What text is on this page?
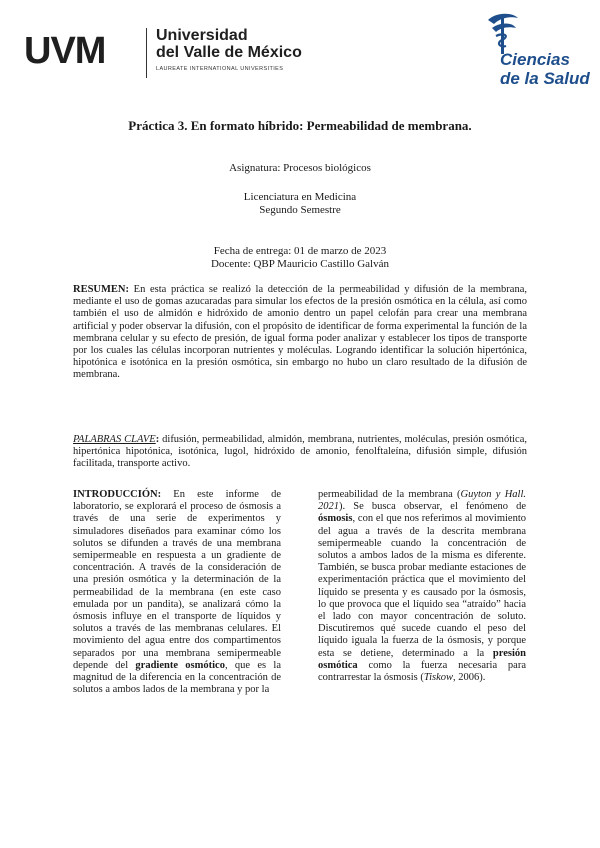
UVM	Universidad
del Valle de México
LAUREATE INTERNATIONAL UNIVERSITIES	Ciencias
de la Salud
Práctica 3. En formato híbrido: Permeabilidad de membrana.
Asignatura: Procesos biológicos
Licenciatura en Medicina
Segundo Semestre
Fecha de entrega: 01 de marzo de 2023
Docente: QBP Mauricio Castillo Galván
RESUMEN: En esta práctica se realizó la detección de la permeabilidad y difusión de la membrana, mediante el uso de gomas azucaradas para simular los efectos de la presión osmótica en la célula, así como también el uso de almidón e hidróxido de amonio dentro un papel celofán para crear una membrana artificial y poder observar la difusión, con el propósito de identificar de forma experimental la función de la membrana celular y su efecto de presión, de igual forma poder analizar y establecer los tipos de transporte por los cuales las células incorporan nutrientes y moléculas. Logrando identificar la solución hipertónica, hipotónica e isotónica en la presión osmótica, sin embargo no hubo un claro resultado de la difusión de membrana.
PALABRAS CLAVE: difusión, permeabilidad, almidón, membrana, nutrientes, moléculas, presión osmótica, hipertónica hipotónica, isotónica, lugol, hidróxido de amonio, fenolftaleína, difusión simple, difusión facilitada, transporte activo.

INTRODUCCIÓN: En este informe de laboratorio, se explorará el proceso de ósmosis a través de una serie de experimentos y simuladores diseñados para examinar cómo los solutos se difunden a través de una membrana semipermeable en respuesta a un gradiente de concentración. A través de la consideración de una presión osmótica y la determinación de la permeabilidad de la membrana (en este caso emulada por un pandita), se analizará cómo la ósmosis influye en el transporte de líquidos y solutos a través de las membranas celulares. El movimiento del agua entre dos compartimentos separados por una membrana semipermeable depende del gradiente osmótico, que es la magnitud de la diferencia en la concentración de solutos a ambos lados de la membrana y por la

permeabilidad de la membrana (Guyton y Hall. 2021). Se busca observar, el fenómeno de ósmosis, con el que nos referimos al movimiento del agua a través de la descrita membrana semipermeable cuando la concentración de solutos a ambos lados de la misma es diferente. También, se busca probar mediante estaciones de experimentación práctica que el movimiento del líquido se presenta y es causado por la ósmosis, lo que provoca que el líquido sea “atraído” hacia el lado con mayor concentración de soluto. Discutiremos qué sucede cuando el peso del líquido iguala la fuerza de la ósmosis, y porque esta se detiene, determinado a la presión osmótica como la fuerza necesaria para contrarrestar la ósmosis (Tiskow, 2006).
